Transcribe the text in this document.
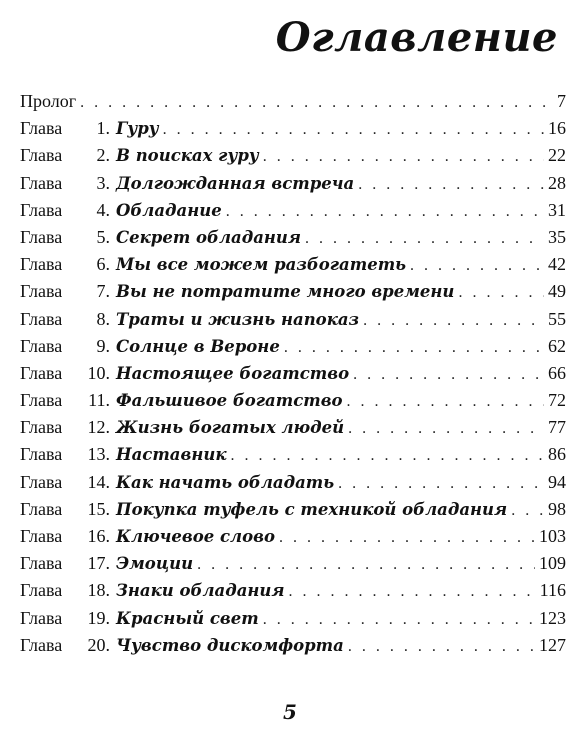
Оглавление
Пролог . . .	7
Глава	1. Гуру . . .	16
Глава	2. В поисках гуру . . .	22
Глава	3. Долгожданная встреча . . .	28
Глава	4. Обладание . . .	31
Глава	5. Секрет обладания . . .	35
Глава	6. Мы все можем разбогатеть . . .	42
Глава	7. Вы не потратите много времени . . .	49
Глава	8. Траты и жизнь напоказ . . .	55
Глава	9. Солнце в Вероне . . .	62
Глава	10. Настоящее богатство . . .	66
Глава	11. Фальшивое богатство . . .	72
Глава	12. Жизнь богатых людей . . .	77
Глава	13. Наставник . . .	86
Глава	14. Как начать обладать . . .	94
Глава	15. Покупка туфель с техникой обладания . . . 98
Глава	16. Ключевое слово . . .	103
Глава	17. Эмоции . . .	109
Глава	18. Знаки обладания . . .	116
Глава	19. Красный свет . . .	123
Глава	20. Чувство дискомфорта . . .	127
5
